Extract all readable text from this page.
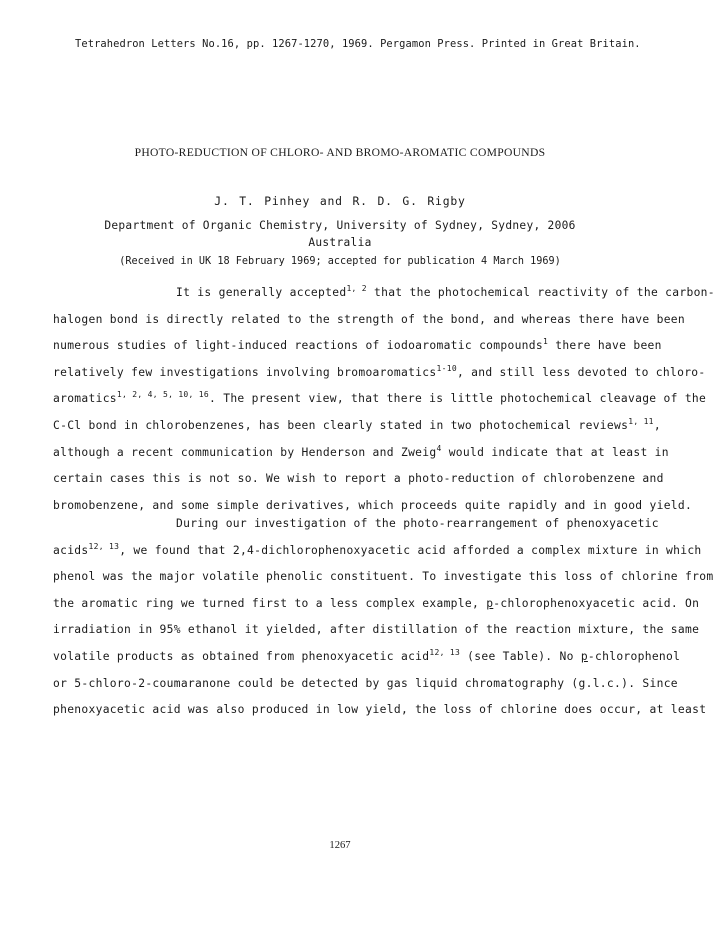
Tetrahedron Letters No.16, pp. 1267-1270, 1969. Pergamon Press. Printed in Great Britain.
PHOTO-REDUCTION OF CHLORO- AND BROMO-AROMATIC COMPOUNDS
J. T. Pinhey and R. D. G. Rigby
Department of Organic Chemistry, University of Sydney, Sydney, 2006
Australia
(Received in UK 18 February 1969; accepted for publication 4 March 1969)
It is generally accepted$^{1, 2}$ that the photochemical reactivity of the carbon-
halogen bond is directly related to the strength of the bond, and whereas there have been
numerous studies of light-induced reactions of iodoaromatic compounds$^1$ there have been
relatively few investigations involving bromoaromatics$^{1-10}$, and still less devoted to chloro-
aromatics$^{1, 2, 4, 5, 10, 16}$. The present view, that there is little photochemical cleavage of the
C-Cl bond in chlorobenzenes, has been clearly stated in two photochemical reviews$^{1, 11}$,
although a recent communication by Henderson and Zweig$^4$ would indicate that at least in
certain cases this is not so. We wish to report a photo-reduction of chlorobenzene and
bromobenzene, and some simple derivatives, which proceeds quite rapidly and in good yield.
During our investigation of the photo-rearrangement of phenoxyacetic
acids$^{12, 13}$, we found that 2,4-dichlorophenoxyacetic acid afforded a complex mixture in which
phenol was the major volatile phenolic constituent. To investigate this loss of chlorine from
the aromatic ring we turned first to a less complex example, p-chlorophenoxyacetic acid. On
irradiation in 95% ethanol it yielded, after distillation of the reaction mixture, the same
volatile products as obtained from phenoxyacetic acid$^{12, 13}$ (see Table). No p-chlorophenol
or 5-chloro-2-coumaranone could be detected by gas liquid chromatography (g.l.c.). Since
phenoxyacetic acid was also produced in low yield, the loss of chlorine does occur, at least
1267
